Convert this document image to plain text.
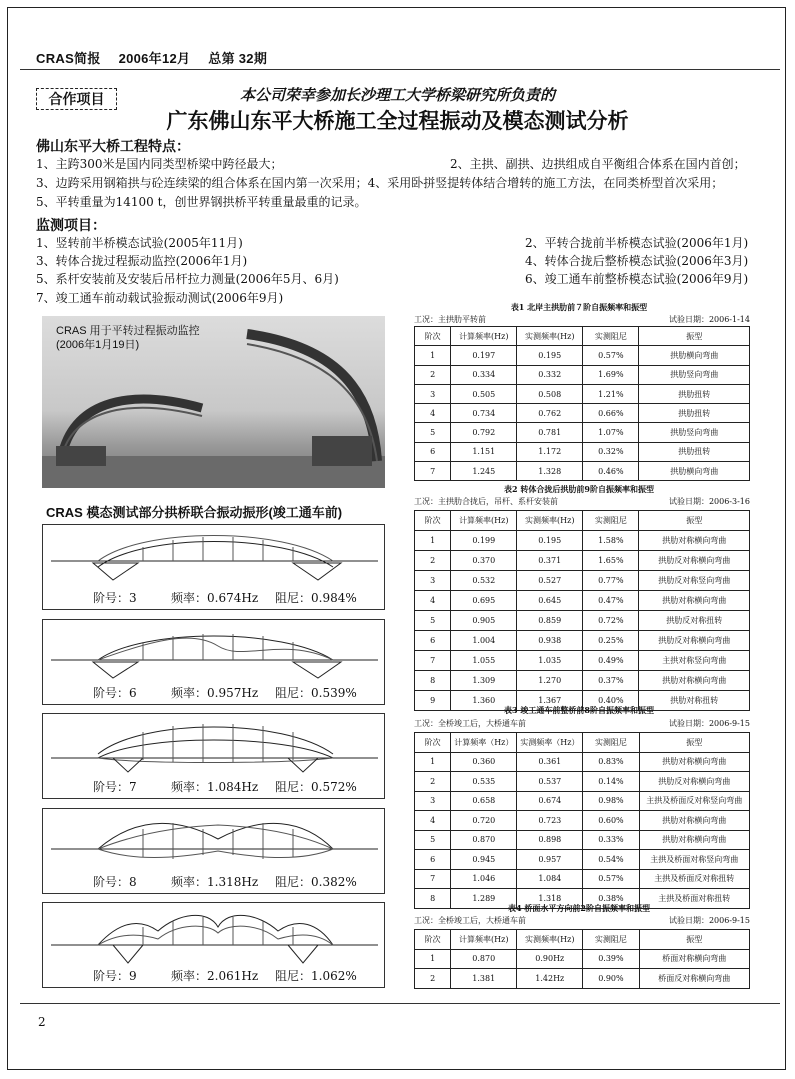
CRAS简报 2006年12月 总第 32期
合作项目	本公司荣幸参加长沙理工大学桥梁研究所负责的
广东佛山东平大桥施工全过程振动及模态测试分析
佛山东平大桥工程特点：
1、主跨300米是国内同类型桥梁中跨径最大；	2、主拱、副拱、边拱组成自平衡组合体系在国内首创；
3、边跨采用钢箱拱与砼连续梁的组合体系在国内第一次采用；4、采用卧拼竖提转体结合增转的施工方法，在同类桥型首次采用；
5、平转重量为14100 t，创世界钢拱桥平转重量最重的记录。
监测项目：
1、竖转前半桥模态试验(2005年11月)	2、平转合拢前半桥模态试验(2006年1月)
3、转体合拢过程振动监控(2006年1月)	4、转体合拢后整桥模态试验(2006年3月)
5、系杆安装前及安装后吊杆拉力测量(2006年5月、6月)	6、竣工通车前整桥模态试验(2006年9月)
7、竣工通车前动载试验振动测试(2006年9月)
CRAS 用于平转过程振动监控
(2006年1月19日)
CRAS 模态测试部分拱桥联合振动振形(竣工通车前)
阶号：3	频率：0.674Hz 阻尼：0.984%
阶号：6	频率：0.957Hz 阻尼：0.539%
阶号：7	频率：1.084Hz 阻尼：0.572%
阶号：8	频率：1.318Hz 阻尼：0.382%
阶号：9	频率：2.061Hz 阻尼：1.062%
表1 北岸主拱肋前７阶自振频率和振型
工况：主拱肋平转前	试验日期：2006-1-14
阶次	计算频率(Hz)	实测频率(Hz)	实测阻尼	振型
1	0.197	0.195	0.57%	拱肋横向弯曲
2	0.334	0.332	1.69%	拱肋竖向弯曲
3	0.505	0.508	1.21%	拱肋扭转
4	0.734	0.762	0.66%	拱肋扭转
5	0.792	0.781	1.07%	拱肋竖向弯曲
6	1.151	1.172	0.32%	拱肋扭转
7	1.245	1.328	0.46%	拱肋横向弯曲
表2 转体合拢后拱肋前9阶自振频率和振型
工况：主拱肋合拢后，吊杆、系杆安装前	试验日期：2006-3-16
阶次	计算频率(Hz)	实测频率(Hz)	实测阻尼	振型
1	0.199	0.195	1.58%	拱肋对称横向弯曲
2	0.370	0.371	1.65%	拱肋反对称横向弯曲
3	0.532	0.527	0.77%	拱肋反对称竖向弯曲
4	0.695	0.645	0.47%	拱肋对称横向弯曲
5	0.905	0.859	0.72%	拱肋反对称扭转
6	1.004	0.938	0.25%	拱肋反对称横向弯曲
7	1.055	1.035	0.49%	主拱对称竖向弯曲
8	1.309	1.270	0.37%	拱肋对称横向弯曲
9	1.360	1.367	0.40%	拱肋对称扭转
表3 竣工通车前整桥前8阶自振频率和振型
工况：全桥竣工后，大桥通车前	试验日期：2006-9-15
阶次	计算频率（Hz）	实测频率（Hz）	实测阻尼	振型
1	0.360	0.361	0.83%	拱肋对称横向弯曲
2	0.535	0.537	0.14%	拱肋反对称横向弯曲
3	0.658	0.674	0.98%	主拱及桥面反对称竖向弯曲
4	0.720	0.723	0.60%	拱肋对称横向弯曲
5	0.870	0.898	0.33%	拱肋对称横向弯曲
6	0.945	0.957	0.54%	主拱及桥面对称竖向弯曲
7	1.046	1.084	0.57%	主拱及桥面反对称扭转
8	1.289	1.318	0.38%	主拱及桥面对称扭转
表4 桥面水平方向前2阶自振频率和振型
工况：全桥竣工后，大桥通车前	试验日期：2006-9-15
阶次	计算频率(Hz)	实测频率(Hz)	实测阻尼	振型
1	0.870	0.90Hz	0.39%	桥面对称横向弯曲
2	1.381	1.42Hz	0.90%	桥面反对称横向弯曲
2
